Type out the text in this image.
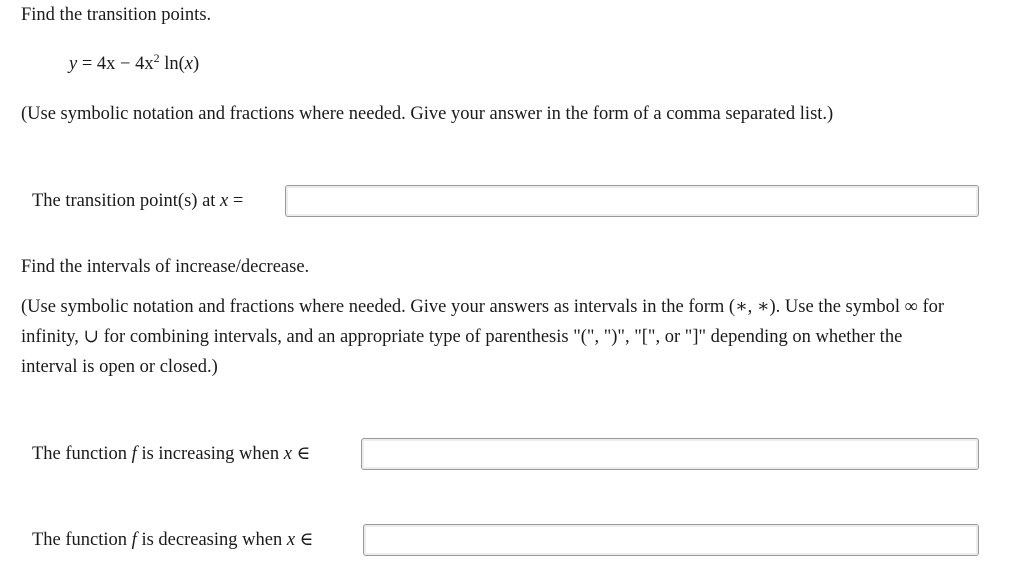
Find the transition points.
$y = 4x - 4x^2$ ln(x)
(Use symbolic notation and fractions where needed. Give your answer in the form of a comma separated list.)
The transition point(s) at x =
Find the intervals of increase/decrease.
(Use symbolic notation and fractions where needed. Give your answers as intervals in the form (∗, ∗). Use the symbol ∞ for
infinity, ∪ for combining intervals, and an appropriate type of parenthesis "(", ")", "[", or "]" depending on whether the
interval is open or closed.)
The function f is increasing when x ∈
The function f is decreasing when x ∈
